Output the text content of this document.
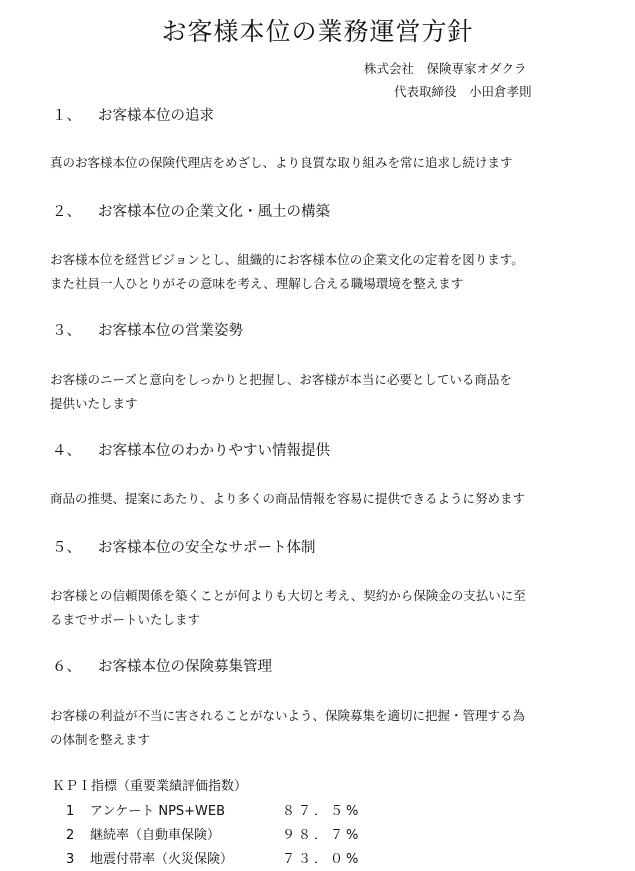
お客様本位の業務運営方針
株式会社　保険専家オダクラ
代表取締役　小田倉孝則
１、 お客様本位の追求
真のお客様本位の保険代理店をめざし、より良質な取り組みを常に追求し続けます
２、 お客様本位の企業文化・風土の構築
お客様本位を経営ビジョンとし、組織的にお客様本位の企業文化の定着を図ります。
また社員一人ひとりがその意味を考え、理解し合える職場環境を整えます
３、 お客様本位の営業姿勢
お客様のニーズと意向をしっかりと把握し、お客様が本当に必要としている商品を
提供いたします
４、 お客様本位のわかりやすい情報提供
商品の推奨、提案にあたり、より多くの商品情報を容易に提供できるように努めます
５、 お客様本位の安全なサポート体制
お客様との信頼関係を築くことが何よりも大切と考え、契約から保険金の支払いに至
るまでサポートいたします
６、 お客様本位の保険募集管理
お客様の利益が不当に害されることがないよう、保険募集を適切に把握・管理する為
の体制を整えます
ＫＰＩ指標（重要業績評価指数）
1 アンケート NPS+WEB	８７．５%
2 継続率（自動車保険）	９８．７%
3 地震付帯率（火災保険）	７３．０%
